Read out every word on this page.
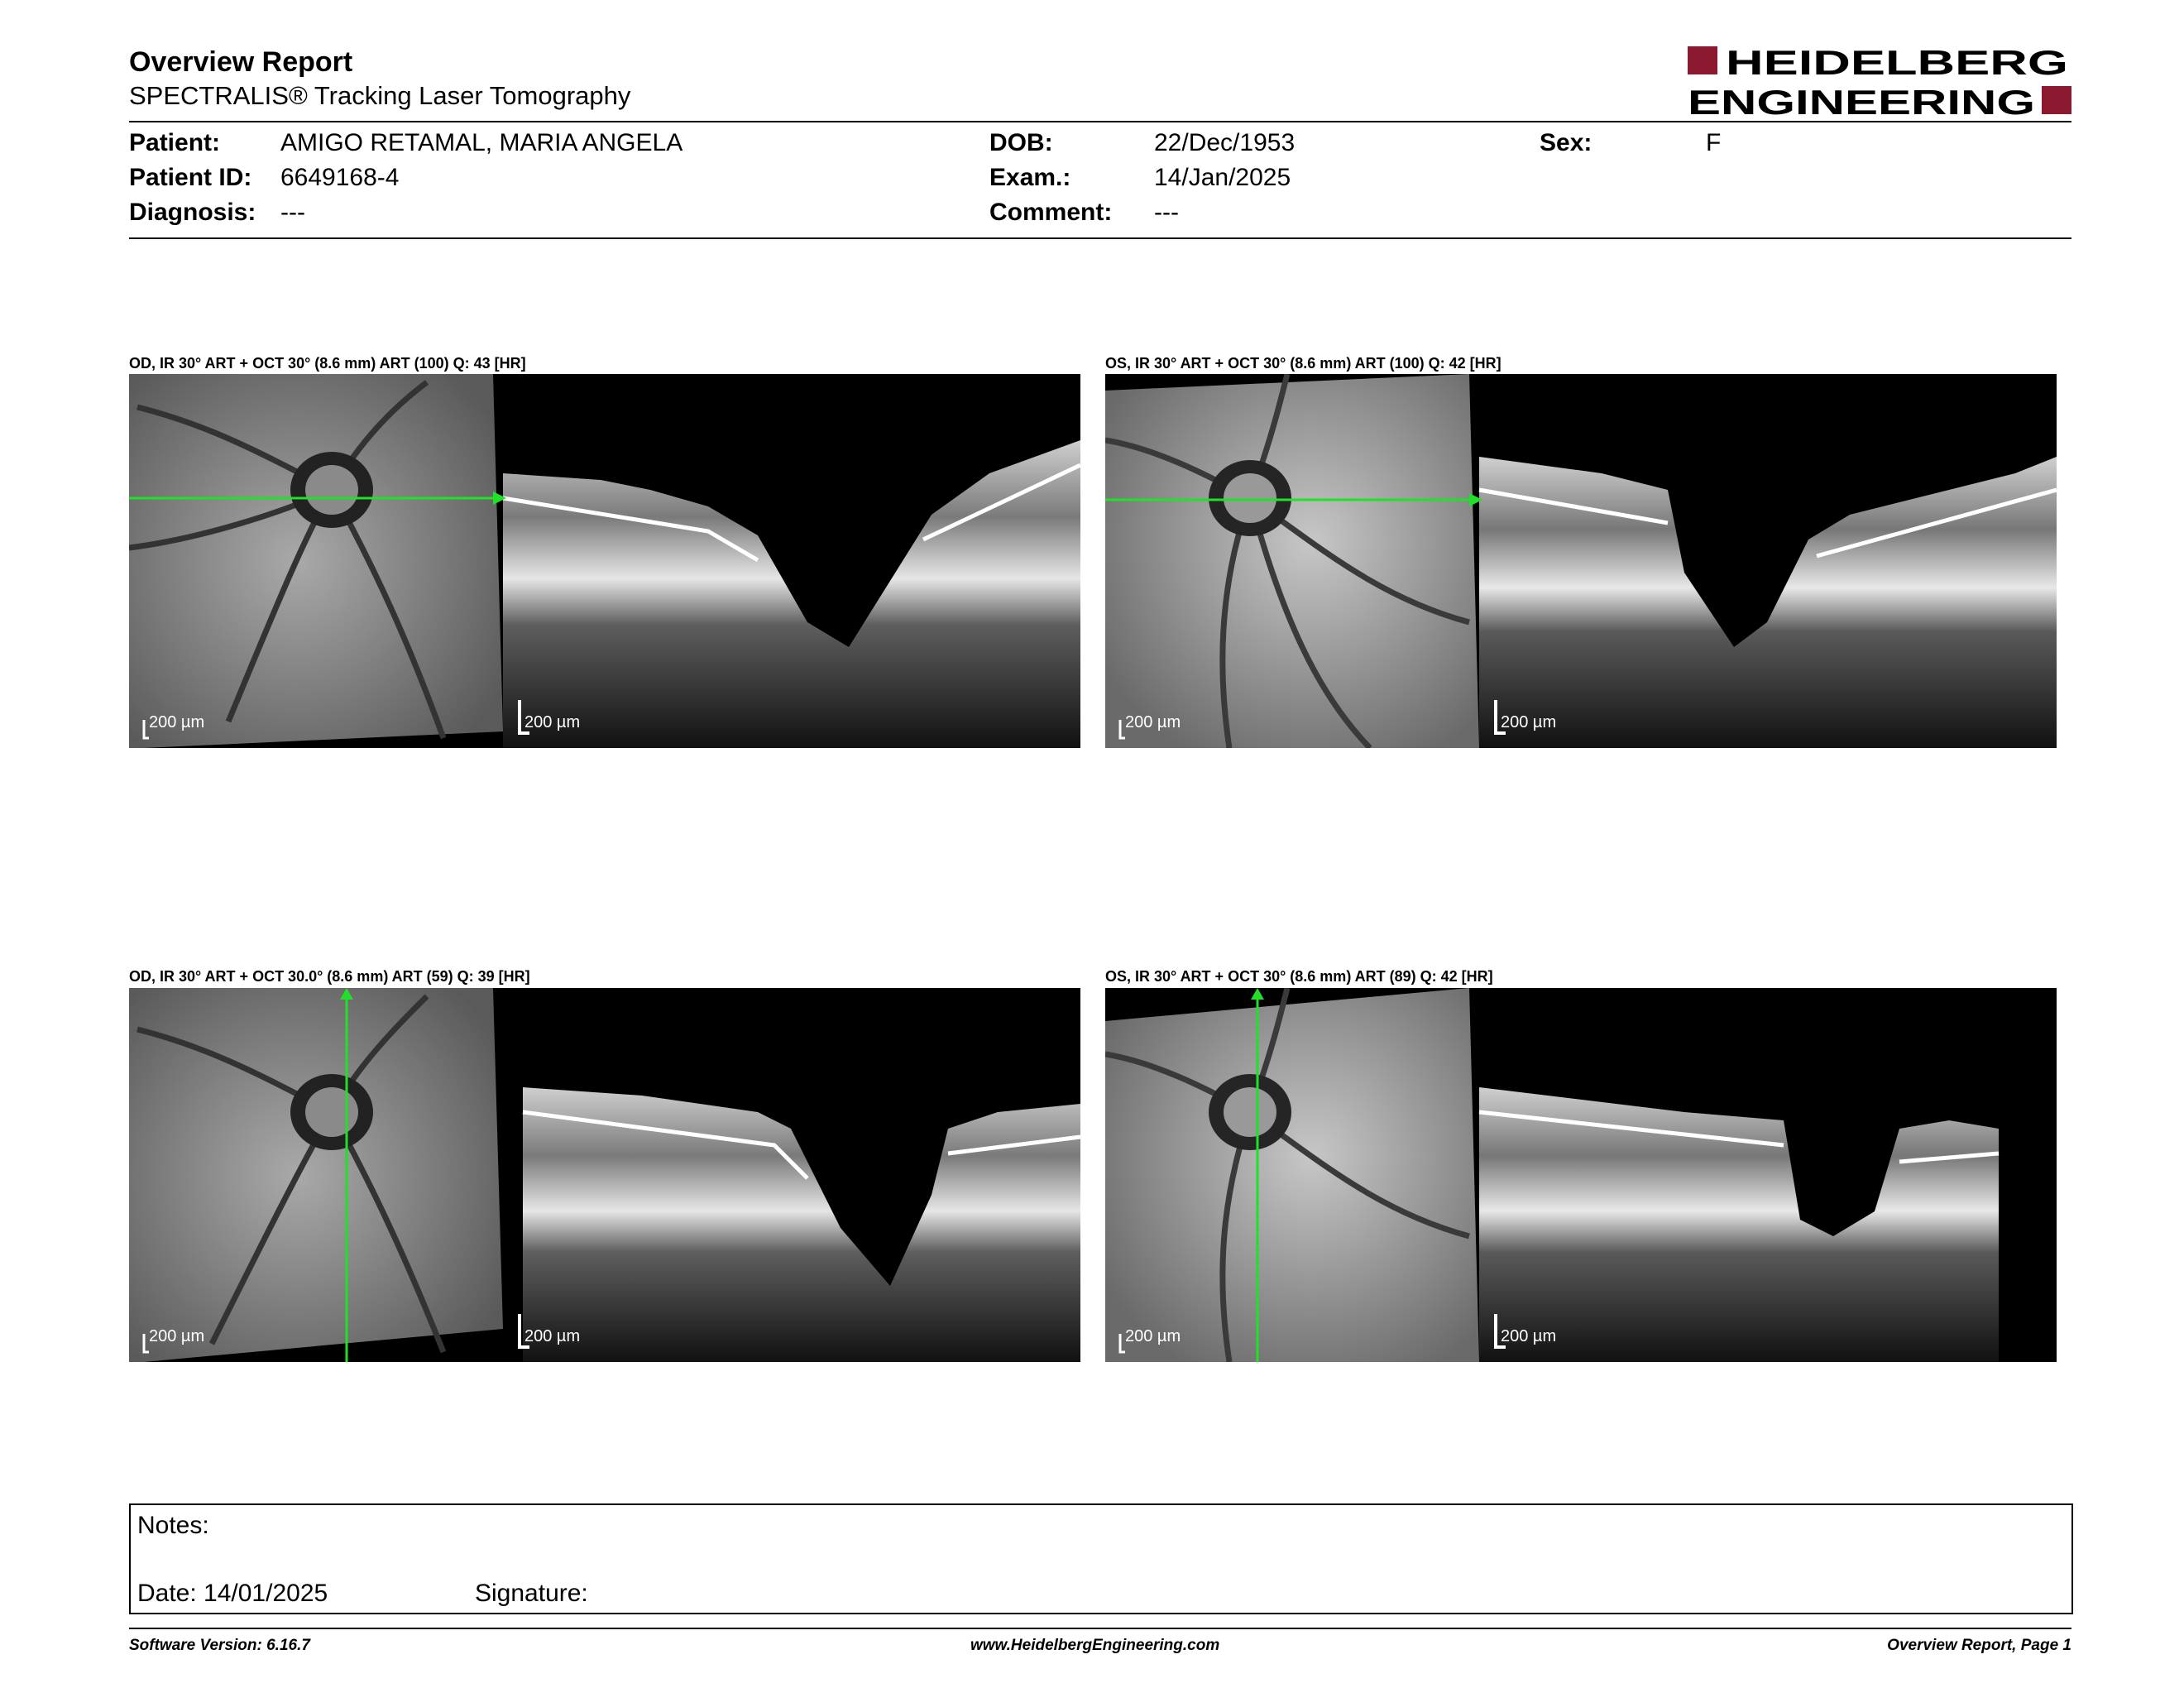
Overview Report
SPECTRALIS® Tracking Laser Tomography
HEIDELBERG
ENGINEERING
Patient: AMIGO RETAMAL, MARIA ANGELA
Patient ID: 6649168-4
Diagnosis: ---
DOB:	22/Dec/1953
Exam.:	14/Jan/2025
Comment: ---
Sex:	F
OD, IR 30° ART + OCT 30° (8.6 mm) ART (100) Q: 43 [HR]
200 µm	200 µm
OS, IR 30° ART + OCT 30° (8.6 mm) ART (100) Q: 42 [HR]
200 µm	200 µm
OD, IR 30° ART + OCT 30.0° (8.6 mm) ART (59) Q: 39 [HR]
200 µm	200 µm
OS, IR 30° ART + OCT 30° (8.6 mm) ART (89) Q: 42 [HR]
200 µm	200 µm
Notes:
Date: 14/01/2025	Signature:
Software Version: 6.16.7	www.HeidelbergEngineering.com	Overview Report, Page 1
